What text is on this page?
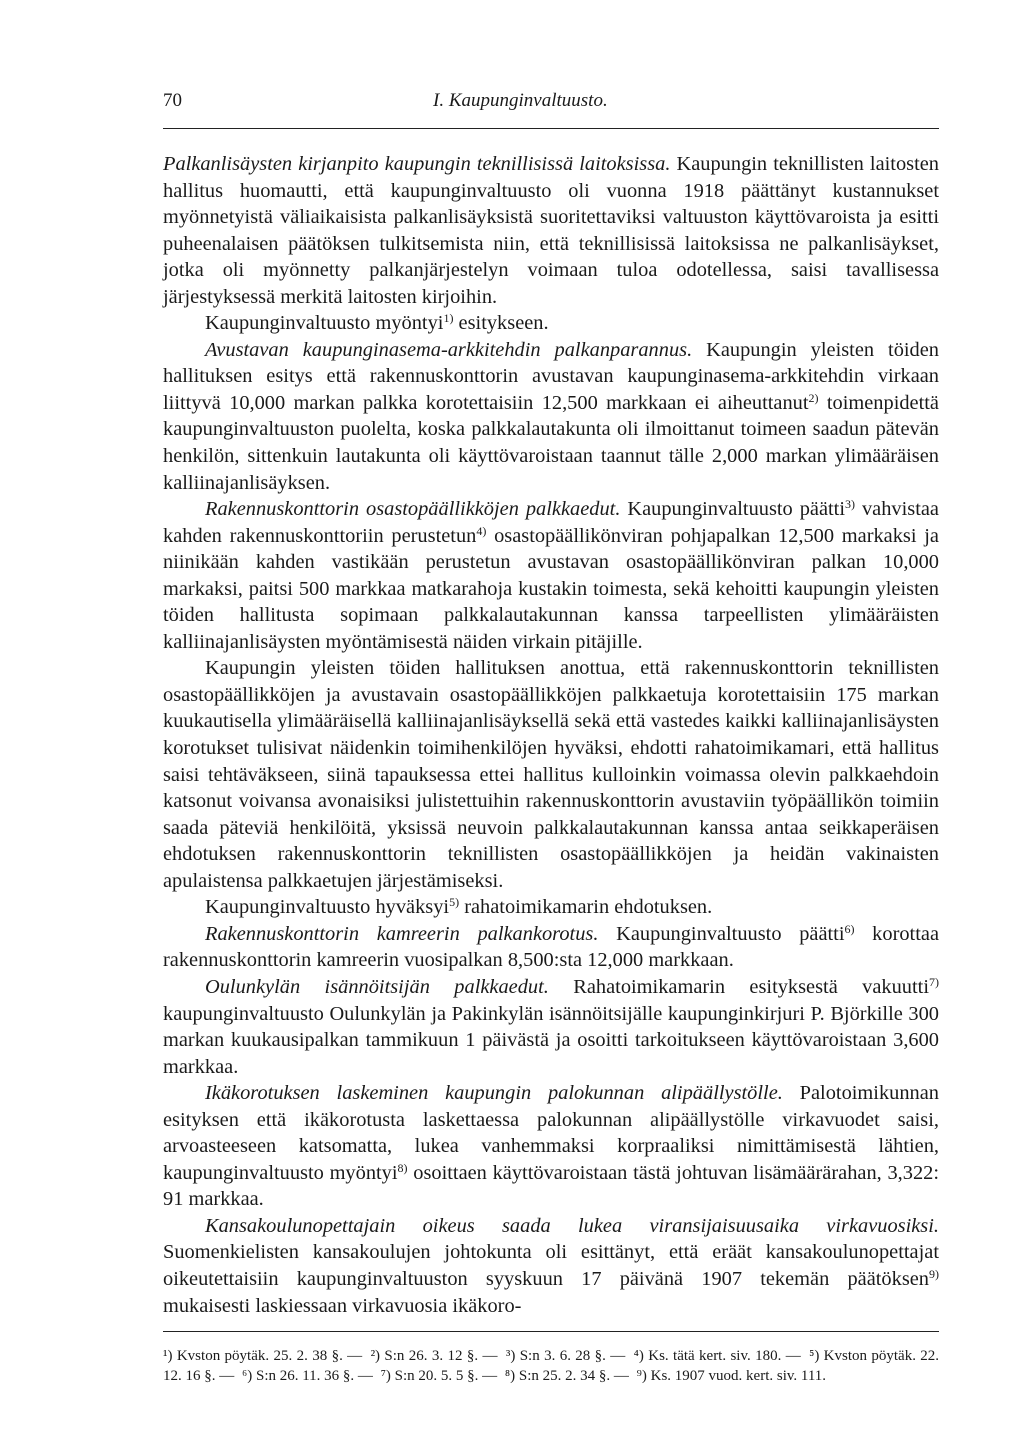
70	I. Kaupunginvaltuusto.

Palkanlisäysten kirjanpito kaupungin teknillisissä laitoksissa. Kaupungin teknillisten laitosten hallitus huomautti, että kaupunginvaltuusto oli vuonna 1918 päättänyt kustannukset myönnetyistä väliaikaisista palkanlisäyksistä suoritettaviksi valtuuston käyttövaroista ja esitti puheenalaisen päätöksen tulkitsemista niin, että teknillisissä laitoksissa ne palkanlisäykset, jotka oli myönnetty palkanjärjestelyn voimaan tuloa odotellessa, saisi tavallisessa järjestyksessä merkitä laitosten kirjoihin.

Kaupunginvaltuusto myöntyi$^{1)}$ esitykseen.

Avustavan kaupunginasema-arkkitehdin palkanparannus. Kaupungin yleisten töiden hallituksen esitys että rakennuskonttorin avustavan kaupunginasema-arkkitehdin virkaan liittyvä 10,000 markan palkka korotettaisiin 12,500 markkaan ei aiheuttanut$^{2)}$ toimenpidettä kaupunginvaltuuston puolelta, koska palkkalautakunta oli ilmoittanut toimeen saadun pätevän henkilön, sittenkuin lautakunta oli käyttövaroistaan taannut tälle 2,000 markan ylimääräisen kalliinajanlisäyksen.

Rakennuskonttorin osastopäällikköjen palkkaedut. Kaupunginvaltuusto päätti$^{3)}$ vahvistaa kahden rakennuskonttoriin perustetun$^{4)}$ osastopäällikönviran pohjapalkan 12,500 markaksi ja niinikään kahden vastikään perustetun avustavan osastopäällikönviran palkan 10,000 markaksi, paitsi 500 markkaa matkarahoja kustakin toimesta, sekä kehoitti kaupungin yleisten töiden hallitusta sopimaan palkkalautakunnan kanssa tarpeellisten ylimääräisten kalliinajanlisäysten myöntämisestä näiden virkain pitäjille.

Kaupungin yleisten töiden hallituksen anottua, että rakennuskonttorin teknillisten osastopäällikköjen ja avustavain osastopäällikköjen palkkaetuja korotettaisiin 175 markan kuukautisella ylimääräisellä kalliinajanlisäyksellä sekä että vastedes kaikki kalliinajanlisäysten korotukset tulisivat näidenkin toimihenkilöjen hyväksi, ehdotti rahatoimikamari, että hallitus saisi tehtäväkseen, siinä tapauksessa ettei hallitus kulloinkin voimassa olevin palkkaehdoin katsonut voivansa avonaisiksi julistettuihin rakennuskonttorin avustaviin työpäällikön toimiin saada päteviä henkilöitä, yksissä neuvoin palkkalautakunnan kanssa antaa seikkaperäisen ehdotuksen rakennuskonttorin teknillisten osastopäällikköjen ja heidän vakinaisten apulaistensa palkkaetujen järjestämiseksi.

Kaupunginvaltuusto hyväksyi$^{5)}$ rahatoimikamarin ehdotuksen.

Rakennuskonttorin kamreerin palkankorotus. Kaupunginvaltuusto päätti$^{6)}$ korottaa rakennuskonttorin kamreerin vuosipalkan 8,500:sta 12,000 markkaan.

Oulunkylän isännöitsijän palkkaedut. Rahatoimikamarin esityksestä vakuutti$^{7)}$ kaupunginvaltuusto Oulunkylän ja Pakinkylän isännöitsijälle kaupunginkirjuri P. Björkille 300 markan kuukausipalkan tammikuun 1 päivästä ja osoitti tarkoitukseen käyttövaroistaan 3,600 markkaa.

Ikäkorotuksen laskeminen kaupungin palokunnan alipäällystölle. Palotoimikunnan esityksen että ikäkorotusta laskettaessa palokunnan alipäällystölle virkavuodet saisi, arvoasteeseen katsomatta, lukea vanhemmaksi korpraaliksi nimittämisestä lähtien, kaupunginvaltuusto myöntyi$^{8)}$ osoittaen käyttövaroistaan tästä johtuvan lisämäärärahan, 3,322: 91 markkaa.

Kansakoulunopettajain oikeus saada lukea viransijaisuusaika virkavuosiksi. Suomenkielisten kansakoulujen johtokunta oli esittänyt, että eräät kansakoulunopettajat oikeutettaisiin kaupunginvaltuuston syyskuun 17 päivänä 1907 tekemän päätöksen$^{9)}$ mukaisesti laskiessaan virkavuosia ikäkoro-

¹) Kvston pöytäk. 25. 2. 38 §. — ²) S:n 26. 3. 12 §. — ³) S:n 3. 6. 28 §. — ⁴) Ks. tätä kert. siv. 180. — ⁵) Kvston pöytäk. 22. 12. 16 §. — ⁶) S:n 26. 11. 36 §. — ⁷) S:n 20. 5. 5 §. — ⁸) S:n 25. 2. 34 §. — ⁹) Ks. 1907 vuod. kert. siv. 111.
